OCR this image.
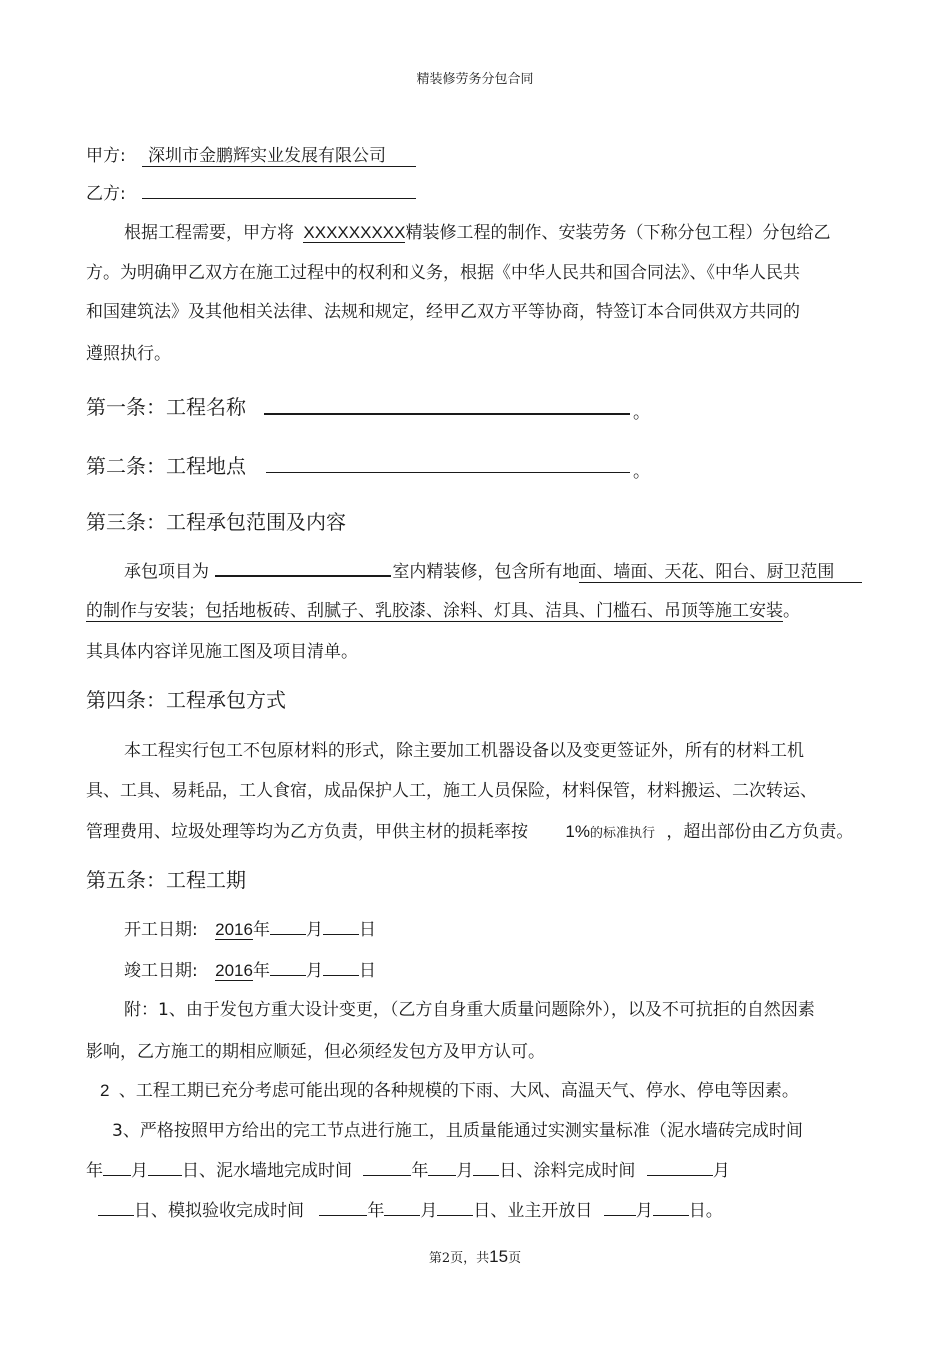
精装修劳务分包合同
甲方:	深圳市金鹏辉实业发展有限公司
乙方:
根据工程需要，甲方将 XXXXXXXXX精装修工程的制作、安装劳务（下称分包工程）分包给乙
方。为明确甲乙双方在施工过程中的权利和义务，根据《中华人民共和国合同法》、《中华人民共
和国建筑法》及其他相关法律、法规和规定，经甲乙双方平等协商，特签订本合同供双方共同的
遵照执行。
第一条：工程名称	。
第二条：工程地点	。
第三条：工程承包范围及内容
承包项目为	室内精装修，包含所有地面、墙面、天花、阳台、厨卫范围
的制作与安装；包括地板砖、刮腻子、乳胶漆、涂料、灯具、洁具、门槛石、吊顶等施工安装。
其具体内容详见施工图及项目清单。
第四条：工程承包方式
本工程实行包工不包原材料的形式，除主要加工机器设备以及变更签证外，所有的材料工机
具、工具、易耗品，工人食宿，成品保护人工，施工人员保险，材料保管，材料搬运、二次转运、
管理费用、垃圾处理等均为乙方负责，甲供主材的损耗率按 1%的标准执行 ，超出部份由乙方负责。
第五条：工程工期
开工日期: 2016年 月 日
竣工日期: 2016年 月 日
附：1、由于发包方重大设计变更，（乙方自身重大质量问题除外），以及不可抗拒的自然因素
影响，乙方施工的期相应顺延，但必须经发包方及甲方认可。
2 、工程工期已充分考虑可能出现的各种规模的下雨、大风、高温天气、停水、停电等因素。
3、严格按照甲方给出的完工节点进行施工，且质量能通过实测实量标准（泥水墙砖完成时间
年 月 日、泥水墙地完成时间	年 月 日、涂料完成时间	月
日、模拟验收完成时间	年 月 日、业主开放日	月 日。
第2页，共15页
